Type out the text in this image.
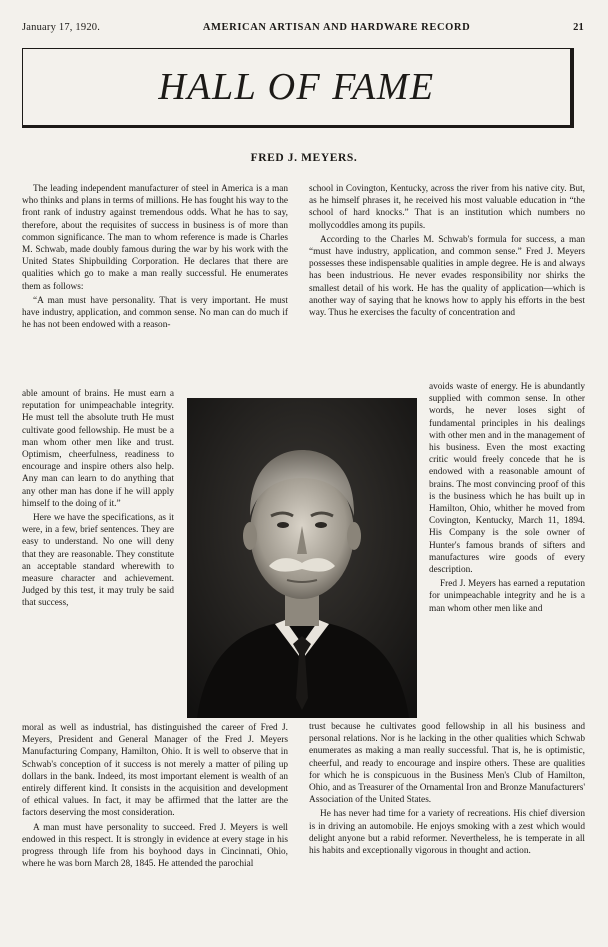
January 17, 1920.	AMERICAN ARTISAN AND HARDWARE RECORD	21
HALL OF FAME
FRED J. MEYERS.

The leading independent manufacturer of steel in America is a man who thinks and plans in terms of millions. He has fought his way to the front rank of industry against tremendous odds. What he has to say, therefore, about the requisites of success in business is of more than common significance. The man to whom reference is made is Charles M. Schwab, made doubly famous during the war by his work with the United States Shipbuilding Corporation. He declares that there are qualities which go to make a man really successful. He enumerates them as follows:

“A man must have personality. That is very important. He must have industry, application, and common sense. No man can do much if he has not been endowed with a reason-

able amount of brains. He must earn a reputation for unimpeachable integrity. He must tell the absolute truth He must cultivate good fellowship. He must be a man whom other men like and trust. Optimism, cheerfulness, readiness to encourage and inspire others also help. Any man can learn to do anything that any other man has done if he will apply himself to the doing of it.”

Here we have the specifications, as it were, in a few, brief sentences. They are easy to understand. No one will deny that they are reasonable. They constitute an acceptable standard wherewith to measure character and achievement. Judged by this test, it may truly be said that success,

school in Covington, Kentucky, across the river from his native city. But, as he himself phrases it, he received his most valuable education in “the school of hard knocks.” That is an institution which numbers no mollycoddles among its pupils.

According to the Charles M. Schwab's formula for success, a man “must have industry, application, and common sense.” Fred J. Meyers possesses these indispensable qualities in ample degree. He is and always has been industrious. He never evades responsibility nor shirks the smallest detail of his work. He has the quality of application—which is another way of saying that he knows how to apply his efforts in the best way. Thus he exercises the faculty of concentration and

avoids waste of energy. He is abundantly supplied with common sense. In other words, he never loses sight of fundamental principles in his dealings with other men and in the management of his business. Even the most exacting critic would freely concede that he is endowed with a reasonable amount of brains. The most convincing proof of this is the business which he has built up in Hamilton, Ohio, whither he moved from Covington, Kentucky, March 11, 1894. His Company is the sole owner of Hunter's famous brands of sifters and manufactures wire goods of every description.

Fred J. Meyers has earned a reputation for unimpeachable integrity and he is a man whom other men like and

moral as well as industrial, has distinguished the career of Fred J. Meyers, President and General Manager of the Fred J. Meyers Manufacturing Company, Hamilton, Ohio. It is well to observe that in Schwab's conception of it success is not merely a matter of piling up dollars in the bank. Indeed, its most important element is wealth of an entirely different kind. It consists in the acquisition and development of ethical values. In fact, it may be affirmed that the latter are the factors deserving the most consideration.

A man must have personality to succeed. Fred J. Meyers is well endowed in this respect. It is strongly in evidence at every stage in his progress through life from his boyhood days in Cincinnati, Ohio, where he was born March 28, 1845. He attended the parochial

trust because he cultivates good fellowship in all his business and personal relations. Nor is he lacking in the other qualities which Schwab enumerates as making a man really successful. That is, he is optimistic, cheerful, and ready to encourage and inspire others. These are qualities for which he is conspicuous in the Business Men's Club of Hamilton, Ohio, and as Treasurer of the Ornamental Iron and Bronze Manufacturers' Association of the United States.

He has never had time for a variety of recreations. His chief diversion is in driving an automobile. He enjoys smoking with a zest which would delight anyone but a rabid reformer. Nevertheless, he is temperate in all his habits and exceptionally vigorous in thought and action.
